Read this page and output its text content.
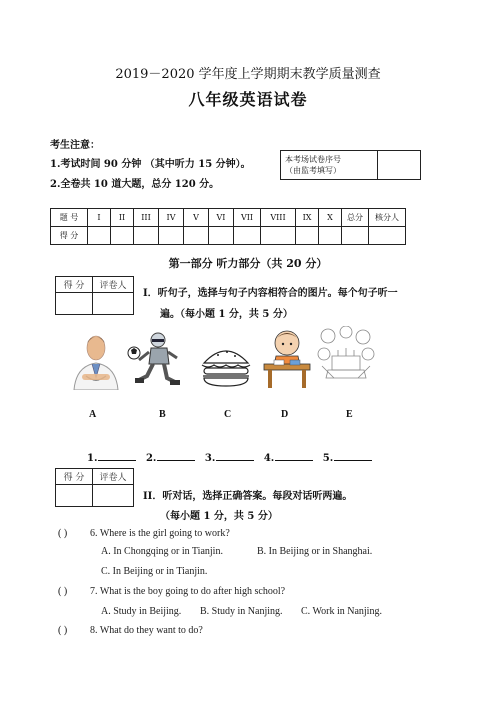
2019－2020 学年度上学期期末教学质量测查
八年级英语试卷
考生注意：
1.考试时间 90 分钟 （其中听力 15 分钟）。
2.全卷共 10 道大题，总分 120 分。
本考场试卷序号
（由监考填写）

题 号	I	II	III	IV	V	VI	VII	VIII	IX	X	总分	核分人
得 分												
第一部分 听力部分（共 20 分）
得 分	评卷人

I．听句子，选择与句子内容相符合的图片。每个句子听一
遍。（每小题 1 分，共 5 分）
A	B	C	D	E
1.	2.	3.	4.	5.
得 分	评卷人

II．听对话，选择正确答案。每段对话听两遍。
（每小题 1 分，共 5 分）
( ) 6. Where is the girl going to work?
A. In Chongqing or in Tianjin.	B. In Beijing or in Shanghai.
C. In Beijing or in Tianjin.
( ) 7. What is the boy going to do after high school?
A. Study in Beijing. B. Study in Nanjing. C. Work in Nanjing.
( ) 8. What do they want to do?
